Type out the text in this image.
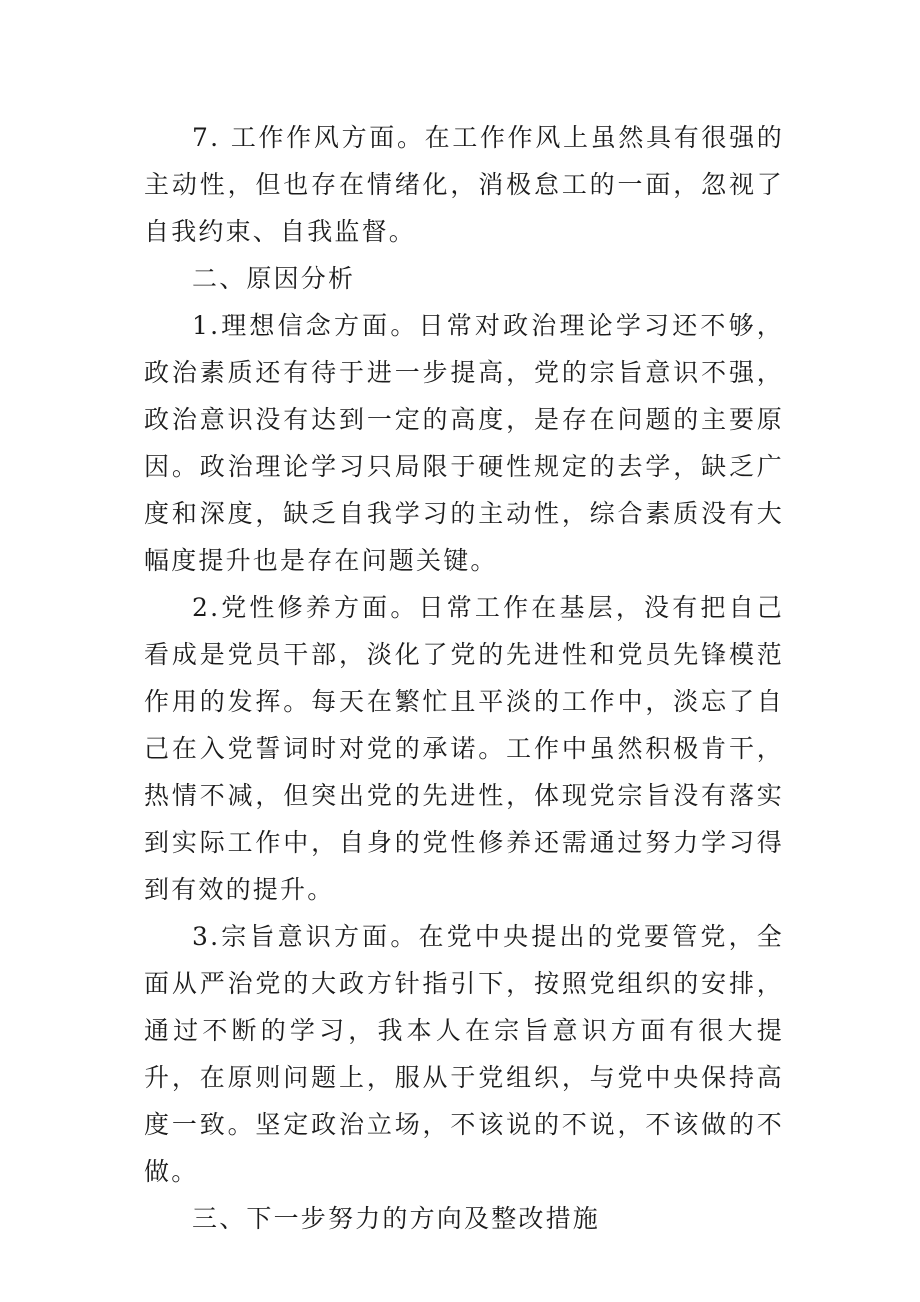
7. 工作作风方面。在工作作风上虽然具有很强的主动性，但也存在情绪化，消极怠工的一面，忽视了自我约束、自我监督。

二、原因分析

1.理想信念方面。日常对政治理论学习还不够，政治素质还有待于进一步提高，党的宗旨意识不强，政治意识没有达到一定的高度，是存在问题的主要原因。政治理论学习只局限于硬性规定的去学，缺乏广度和深度，缺乏自我学习的主动性，综合素质没有大幅度提升也是存在问题关键。

2.党性修养方面。日常工作在基层，没有把自己看成是党员干部，淡化了党的先进性和党员先锋模范作用的发挥。每天在繁忙且平淡的工作中，淡忘了自己在入党誓词时对党的承诺。工作中虽然积极肯干，热情不减，但突出党的先进性，体现党宗旨没有落实到实际工作中，自身的党性修养还需通过努力学习得到有效的提升。

3.宗旨意识方面。在党中央提出的党要管党，全面从严治党的大政方针指引下，按照党组织的安排，通过不断的学习，我本人在宗旨意识方面有很大提升，在原则问题上，服从于党组织，与党中央保持高度一致。坚定政治立场，不该说的不说，不该做的不做。

三、下一步努力的方向及整改措施
